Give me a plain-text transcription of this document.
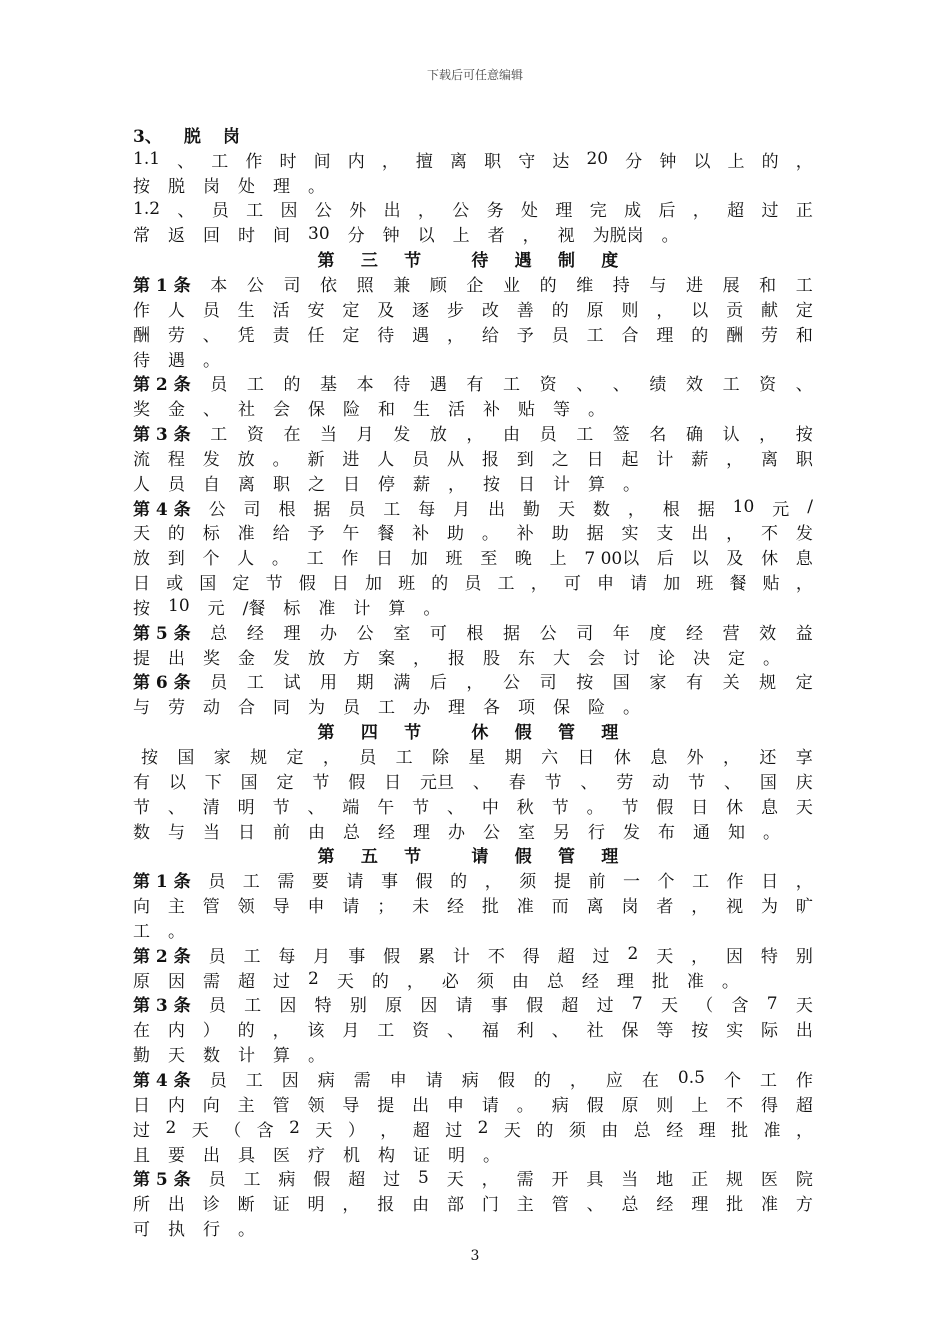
下载后可任意编辑
3、 脱 岗
1.1 、 工 作 时 间 内 ， 擅 离 职 守 达 20 分 钟 以 上 的 ，
按 脱 岗 处 理 。
1.2 、 员 工 因 公 外 出 ， 公 务 处 理 完 成 后 ， 超 过 正
常 返 回 时 间 30 分 钟 以 上 者 ， 视 为脱岗 。
第 三 节 待 遇 制 度
第 1 条 本 公 司 依 照 兼 顾 企 业 的 维 持 与 进 展 和 工
作 人 员 生 活 安 定 及 逐 步 改 善 的 原 则 ， 以 贡 献 定
酬 劳 、 凭 责 任 定 待 遇 ， 给 予 员 工 合 理 的 酬 劳 和
待 遇 。
第 2 条 员 工 的 基 本 待 遇 有 工 资 、 、 绩 效 工 资 、
奖 金 、 社 会 保 险 和 生 活 补 贴 等 。
第 3 条 工 资 在 当 月 发 放 ， 由 员 工 签 名 确 认 ， 按
流 程 发 放 。 新 进 人 员 从 报 到 之 日 起 计 薪 ， 离 职
人 员 自 离 职 之 日 停 薪 ， 按 日 计 算 。
第 4 条 公 司 根 据 员 工 每 月 出 勤 天 数 ， 根 据 10 元 /
天 的 标 准 给 予 午 餐 补 助 。 补 助 据 实 支 出 ， 不 发
放 到 个 人 。 工 作 日 加 班 至 晚 上 7 00以 后 以 及 休 息
日 或 国 定 节 假 日 加 班 的 员 工 ， 可 申 请 加 班 餐 贴 ，
按 10 元 /餐 标 准 计 算 。
第 5 条 总 经 理 办 公 室 可 根 据 公 司 年 度 经 营 效 益
提 出 奖 金 发 放 方 案 ， 报 股 东 大 会 讨 论 决 定 。
第 6 条 员 工 试 用 期 满 后 ， 公 司 按 国 家 有 关 规 定
与 劳 动 合 同 为 员 工 办 理 各 项 保 险 。
第 四 节 休 假 管 理
按 国 家 规 定 ， 员 工 除 星 期 六 日 休 息 外 ， 还 享
有 以 下 国 定 节 假 日 元旦 、 春 节 、 劳 动 节 、 国 庆
节 、 清 明 节 、 端 午 节 、 中 秋 节 。 节 假 日 休 息 天
数 与 当 日 前 由 总 经 理 办 公 室 另 行 发 布 通 知 。
第 五 节 请 假 管 理
第 1 条 员 工 需 要 请 事 假 的 ， 须 提 前 一 个 工 作 日 ，
向 主 管 领 导 申 请 ； 未 经 批 准 而 离 岗 者 ， 视 为 旷
工 。
第 2 条 员 工 每 月 事 假 累 计 不 得 超 过 2 天 ， 因 特 别
原 因 需 超 过 2 天 的 ， 必 须 由 总 经 理 批 准 。
第 3 条 员 工 因 特 别 原 因 请 事 假 超 过 7 天 （ 含 7 天
在 内 ） 的 ， 该 月 工 资 、 福 利 、 社 保 等 按 实 际 出
勤 天 数 计 算 。
第 4 条 员 工 因 病 需 申 请 病 假 的 ， 应 在 0.5 个 工 作
日 内 向 主 管 领 导 提 出 申 请 。 病 假 原 则 上 不 得 超
过 2 天 （ 含 2 天 ） ， 超 过 2 天 的 须 由 总 经 理 批 准 ，
且 要 出 具 医 疗 机 构 证 明 。
第 5 条 员 工 病 假 超 过 5 天 ， 需 开 具 当 地 正 规 医 院
所 出 诊 断 证 明 ， 报 由 部 门 主 管 、 总 经 理 批 准 方
可 执 行 。
3
